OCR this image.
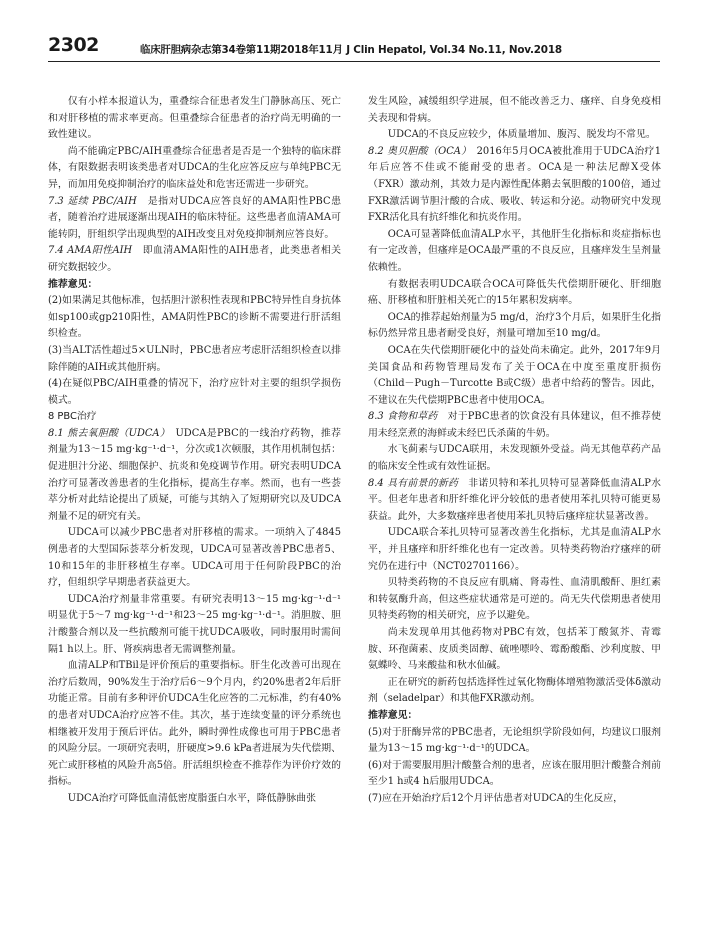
2302	临床肝胆病杂志第34卷第11期2018年11月 J Clin Hepatol, Vol.34 No.11, Nov.2018

仅有小样本报道认为，重叠综合征患者发生门静脉高压、死亡和对肝移植的需求率更高。但重叠综合征患者的治疗尚无明确的一致性建议。

尚不能确定PBC/AIH重叠综合征患者是否是一个独特的临床群体，有限数据表明该类患者对UDCA的生化应答反应与单纯PBC无异，而加用免疫抑制治疗的临床益处和危害还需进一步研究。

7.3 延续 PBC/AIH　 是指对UDCA应答良好的AMA阳性PBC患者，随着治疗进展逐渐出现AIH的临床特征。这些患者血清AMA可能转阴，肝组织学出现典型的AIH改变且对免疫抑制剂应答良好。

7.4 AMA阳性AIH　 即血清AMA阳性的AIH患者，此类患者相关研究数据较少。

推荐意见：

(2)如果满足其他标准，包括胆汁淤积性表现和PBC特异性自身抗体如sp100或gp210阳性，AMA阴性PBC的诊断不需要进行肝活组织检查。

(3)当ALT活性超过5×ULN时，PBC患者应考虑肝活组织检查以排除伴随的AIH或其他肝病。

(4)在疑似PBC/AIH重叠的情况下，治疗应针对主要的组织学损伤模式。

8 PBC治疗

8.1 熊去氧胆酸（UDCA）　 UDCA是PBC的一线治疗药物，推荐剂量为13～15 mg·kg⁻¹·d⁻¹，分次或1次顿服，其作用机制包括：促进胆汁分泌、细胞保护、抗炎和免疫调节作用。研究表明UDCA治疗可显著改善患者的生化指标，提高生存率。然而，也有一些荟萃分析对此结论提出了质疑，可能与其纳入了短期研究以及UDCA剂量不足的研究有关。

UDCA可以减少PBC患者对肝移植的需求。一项纳入了4845例患者的大型国际荟萃分析发现，UDCA可显著改善PBC患者5、10和15年的非肝移植生存率。UDCA可用于任何阶段PBC的治疗，但组织学早期患者获益更大。

UDCA治疗剂量非常重要。有研究表明13～15 mg·kg⁻¹·d⁻¹明显优于5～7 mg·kg⁻¹·d⁻¹和23～25 mg·kg⁻¹·d⁻¹。消胆胺、胆汁酸螯合剂以及一些抗酸剂可能干扰UDCA吸收，同时服用时需间隔1 h以上。肝、肾疾病患者无需调整剂量。

血清ALP和TBil是评价预后的重要指标。肝生化改善可出现在治疗后数周，90%发生于治疗后6～9个月内，约20%患者2年后肝功能正常。目前有多种评价UDCA生化应答的二元标准，约有40%的患者对UDCA治疗应答不佳。其次，基于连续变量的评分系统也相继被开发用于预后评估。此外，瞬时弹性成像也可用于PBC患者的风险分层。一项研究表明，肝硬度>9.6 kPa者进展为失代偿期、死亡或肝移植的风险升高5倍。肝活组织检查不推荐作为评价疗效的指标。

UDCA治疗可降低血清低密度脂蛋白水平，降低静脉曲张

发生风险，减缓组织学进展，但不能改善乏力、瘙痒、自身免疫相关表现和骨病。

UDCA的不良反应较少，体质量增加、腹泻、脱发均不常见。

8.2 奥贝胆酸（OCA）　 2016年5月OCA被批准用于UDCA治疗1年后应答不佳或不能耐受的患者。OCA是一种法尼醇X受体（FXR）激动剂，其效力是内源性配体鹅去氧胆酸的100倍，通过FXR激活调节胆汁酸的合成、吸收、转运和分泌。动物研究中发现FXR活化具有抗纤维化和抗炎作用。

OCA可显著降低血清ALP水平，其他肝生化指标和炎症指标也有一定改善，但瘙痒是OCA最严重的不良反应，且瘙痒发生呈剂量依赖性。

有数据表明UDCA联合OCA可降低失代偿期肝硬化、肝细胞癌、肝移植和肝脏相关死亡的15年累积发病率。

OCA的推荐起始剂量为5 mg/d，治疗3个月后，如果肝生化指标仍然异常且患者耐受良好，剂量可增加至10 mg/d。

OCA在失代偿期肝硬化中的益处尚未确定。此外，2017年9月美国食品和药物管理局发布了关于OCA在中度至重度肝损伤（Child－Pugh－Turcotte B或C级）患者中给药的警告。因此，不建议在失代偿期PBC患者中使用OCA。

8.3 食物和草药　 对于PBC患者的饮食没有具体建议，但不推荐使用未经烹煮的海鲜或未经巴氏杀菌的牛奶。

水飞蓟素与UDCA联用，未发现额外受益。尚无其他草药产品的临床安全性或有效性证据。

8.4 具有前景的新药　 非诺贝特和苯扎贝特可显著降低血清ALP水平。但老年患者和肝纤维化评分较低的患者使用苯扎贝特可能更易获益。此外，大多数瘙痒患者使用苯扎贝特后瘙痒症状显著改善。

UDCA联合苯扎贝特可显著改善生化指标，尤其是血清ALP水平，并且瘙痒和肝纤维化也有一定改善。贝特类药物治疗瘙痒的研究仍在进行中（NCT02701166）。

贝特类药物的不良反应有肌痛、肾毒性、血清肌酸酐、胆红素和转氨酶升高，但这些症状通常是可逆的。尚无失代偿期患者使用贝特类药物的相关研究，应予以避免。

尚未发现单用其他药物对PBC有效，包括苯丁酸氮芥、青霉胺、环孢菌素、皮质类固醇、硫唑嘌呤、霉酚酸酯、沙利度胺、甲氨蝶呤、马来酸盐和秋水仙碱。

正在研究的新药包括选择性过氧化物酶体增殖物激活受体δ激动剂（seladelpar）和其他FXR激动剂。

推荐意见：

(5)对于肝酶异常的PBC患者，无论组织学阶段如何，均建议口服剂量为13～15 mg·kg⁻¹·d⁻¹的UDCA。

(6)对于需要服用胆汁酸螯合剂的患者，应该在服用胆汁酸螯合剂前至少1 h或4 h后服用UDCA。

(7)应在开始治疗后12个月评估患者对UDCA的生化反应，
